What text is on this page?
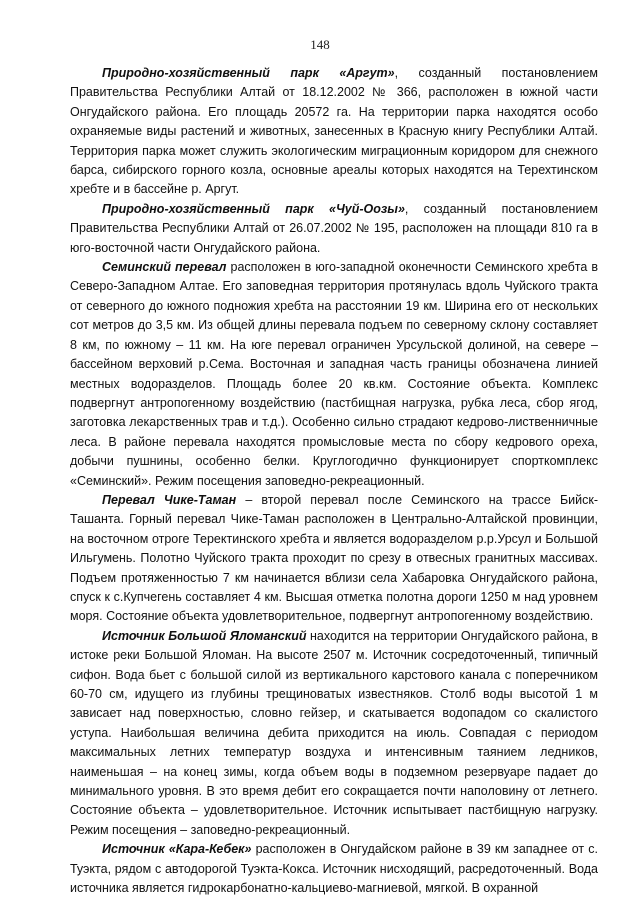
148

Природно-хозяйственный парк «Аргут», созданный постановлением Правительства Республики Алтай от 18.12.2002 № 366, расположен в южной части Онгудайского района. Его площадь 20572 га. На территории парка находятся особо охраняемые виды растений и животных, занесенных в Красную книгу Республики Алтай. Территория парка может служить экологическим миграционным коридором для снежного барса, сибирского горного козла, основные ареалы которых находятся на Терехтинском хребте и в бассейне р. Аргут.

Природно-хозяйственный парк «Чуй-Оозы», созданный постановлением Правительства Республики Алтай от 26.07.2002 № 195, расположен на площади 810 га в юго-восточной части Онгудайского района.

Семинский перевал расположен в юго-западной оконечности Семинского хребта в Северо-Западном Алтае. Его заповедная территория протянулась вдоль Чуйского тракта от северного до южного подножия хребта на расстоянии 19 км. Ширина его от нескольких сот метров до 3,5 км. Из общей длины перевала подъем по северному склону составляет 8 км, по южному – 11 км. На юге перевал ограничен Урсульской долиной, на севере – бассейном верховий р.Сема. Восточная и западная часть границы обозначена линией местных водоразделов. Площадь более 20 кв.км. Состояние объекта. Комплекс подвергнут антропогенному воздействию (пастбищная нагрузка, рубка леса, сбор ягод, заготовка лекарственных трав и т.д.). Особенно сильно страдают кедрово-лиственничные леса. В районе перевала находятся промысловые места по сбору кедрового ореха, добычи пушнины, особенно белки. Круглогодично функционирует спорткомплекс «Семинский». Режим посещения заповедно-рекреационный.

Перевал Чике-Таман – второй перевал после Семинского на трассе Бийск-Ташанта. Горный перевал Чике-Таман расположен в Центрально-Алтайской провинции, на восточном отроге Теректинского хребта и является водоразделом р.р.Урсул и Большой Ильгумень. Полотно Чуйского тракта проходит по срезу в отвесных гранитных массивах. Подъем протяженностью 7 км начинается вблизи села Хабаровка Онгудайского района, спуск к с.Купчегень составляет 4 км. Высшая отметка полотна дороги 1250 м над уровнем моря. Состояние объекта удовлетворительное, подвергнут антропогенному воздействию.

Источник Большой Яломанский находится на территории Онгудайского района, в истоке реки Большой Яломан. На высоте 2507 м. Источник сосредоточенный, типичный сифон. Вода бьет с большой силой из вертикального карстового канала с поперечником 60-70 см, идущего из глубины трещиноватых известняков. Столб воды высотой 1 м зависает над поверхностью, словно гейзер, и скатывается водопадом со скалистого уступа. Наибольшая величина дебита приходится на июль. Совпадая с периодом максимальных летних температур воздуха и интенсивным таянием ледников, наименьшая – на конец зимы, когда объем воды в подземном резервуаре падает до минимального уровня. В это время дебит его сокращается почти наполовину от летнего. Состояние объекта – удовлетворительное. Источник испытывает пастбищную нагрузку. Режим посещения – заповедно-рекреационный.

Источник «Кара-Кебек» расположен в Онгудайском районе в 39 км западнее от с. Туэкта, рядом с автодорогой Туэкта-Кокса. Источник нисходящий, расредоточенный. Вода источника является гидрокарбонатно-кальциево-магниевой, мягкой. В охранной
